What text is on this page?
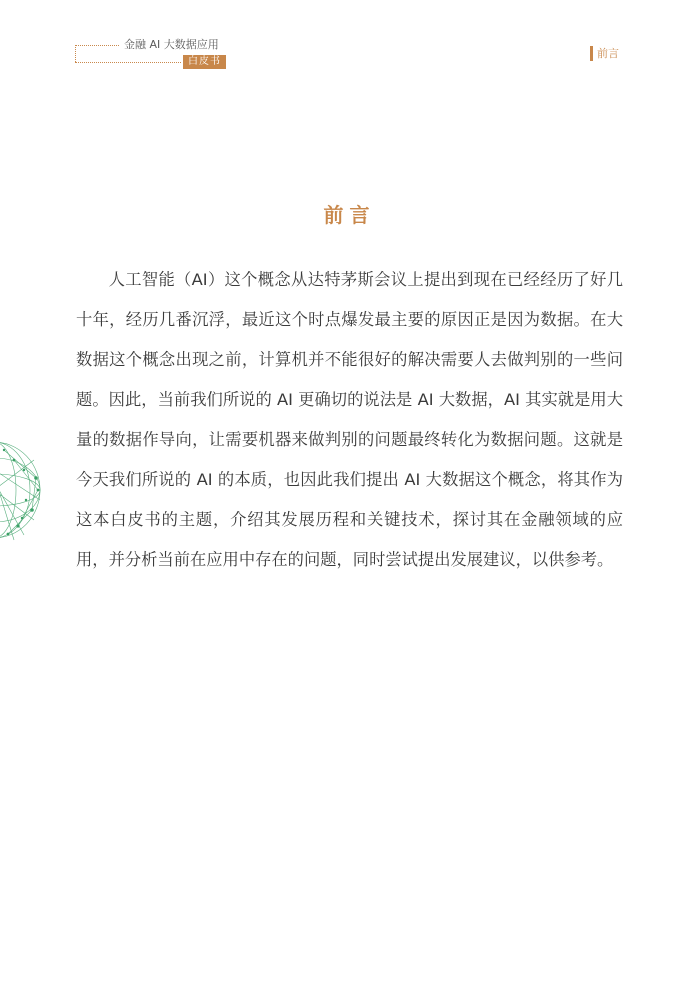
金融 AI 大数据应用
白皮书
前言
前言

人工智能（AI）这个概念从达特茅斯会议上提出到现在已经经历了好几十年，经历几番沉浮，最近这个时点爆发最主要的原因正是因为数据。在大数据这个概念出现之前，计算机并不能很好的解决需要人去做判别的一些问题。因此，当前我们所说的 AI 更确切的说法是 AI 大数据，AI 其实就是用大量的数据作导向，让需要机器来做判别的问题最终转化为数据问题。这就是今天我们所说的 AI 的本质，也因此我们提出 AI 大数据这个概念，将其作为这本白皮书的主题，介绍其发展历程和关键技术，探讨其在金融领域的应用，并分析当前在应用中存在的问题，同时尝试提出发展建议，以供参考。
